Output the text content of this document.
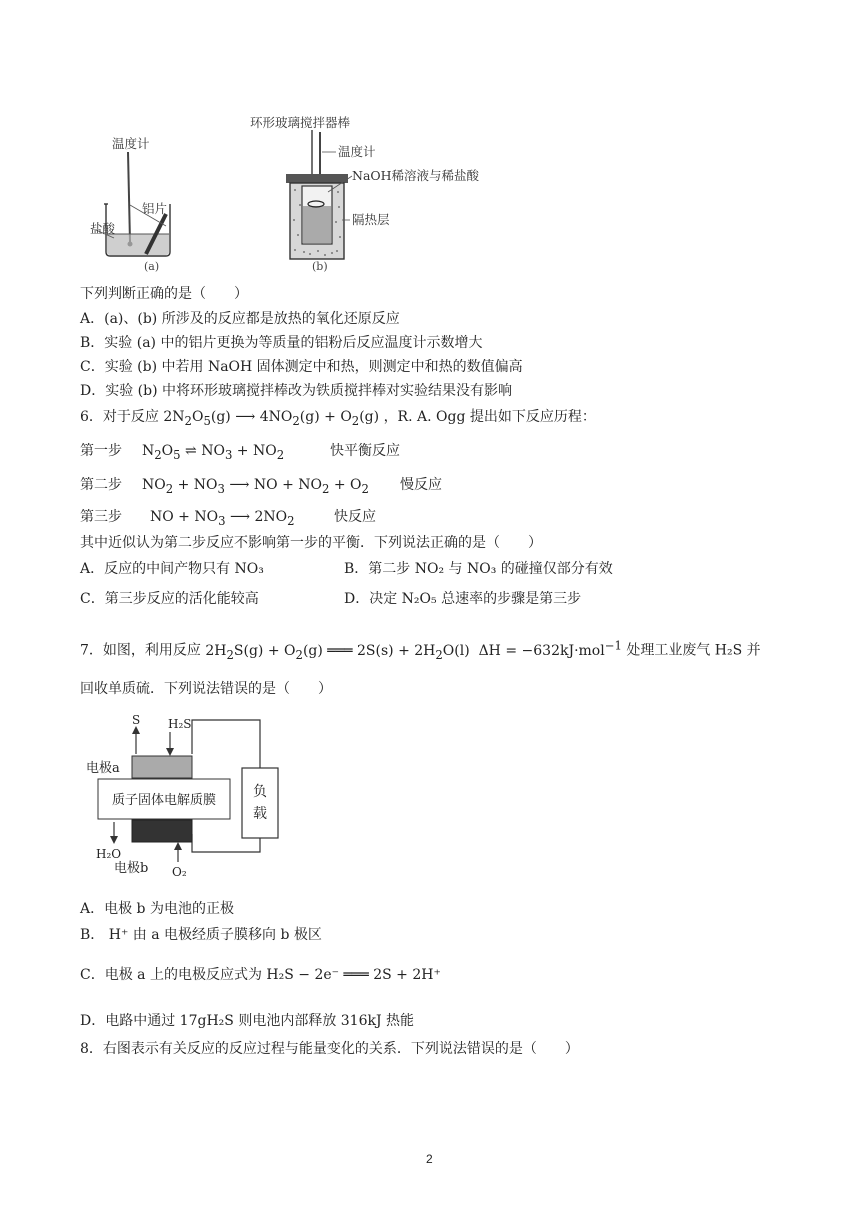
温度计
铝片
盐酸
(a)
环形玻璃搅拌器棒
温度计
NaOH稀溶液与稀盐酸
隔热层
(b)
下列判断正确的是（　　）
A．(a)、(b) 所涉及的反应都是放热的氧化还原反应
B．实验 (a) 中的铝片更换为等质量的铝粉后反应温度计示数增大
C．实验 (b) 中若用 NaOH 固体测定中和热，则测定中和热的数值偏高
D．实验 (b) 中将环形玻璃搅拌棒改为铁质搅拌棒对实验结果没有影响
6．对于反应 $2N_2O_5(g)$ ⟶ $4NO_2(g) + O_2(g)$ ，R. A. Ogg 提出如下反应历程：
第一步 $N_2O_5$ ⇌ $NO_3 + NO_2$	快平衡反应
第二步 $NO_2 + NO_3$ ⟶ NO + $NO_2 + O_2$ 慢反应
第三步 NO + $NO_3$ ⟶ $2NO_2$	快反应
其中近似认为第二步反应不影响第一步的平衡．下列说法正确的是（　　）
A．反应的中间产物只有 NO₃	B．第二步 NO₂ 与 NO₃ 的碰撞仅部分有效
C．第三步反应的活化能较高	D．决定 N₂O₅ 总速率的步骤是第三步
7．如图，利用反应 $2H_2S(g) + O_2(g)$ ═══ $2S(s) + 2H_2O(l) \Delta H = -632kJ\cdot mol^{-1}$ 处理工业废气 H₂S 并
回收单质硫．下列说法错误的是（　　）
负
载
质子固体电解质膜
S H₂S
电极a
H₂O
电极b O₂
A．电极 b 为电池的正极
B． H⁺ 由 a 电极经质子膜移向 b 极区
C．电极 a 上的电极反应式为 H₂S − 2e⁻ ═══ 2S + 2H⁺
D．电路中通过 17gH₂S 则电池内部释放 316kJ 热能
8．右图表示有关反应的反应过程与能量变化的关系．下列说法错误的是（　　）
2
